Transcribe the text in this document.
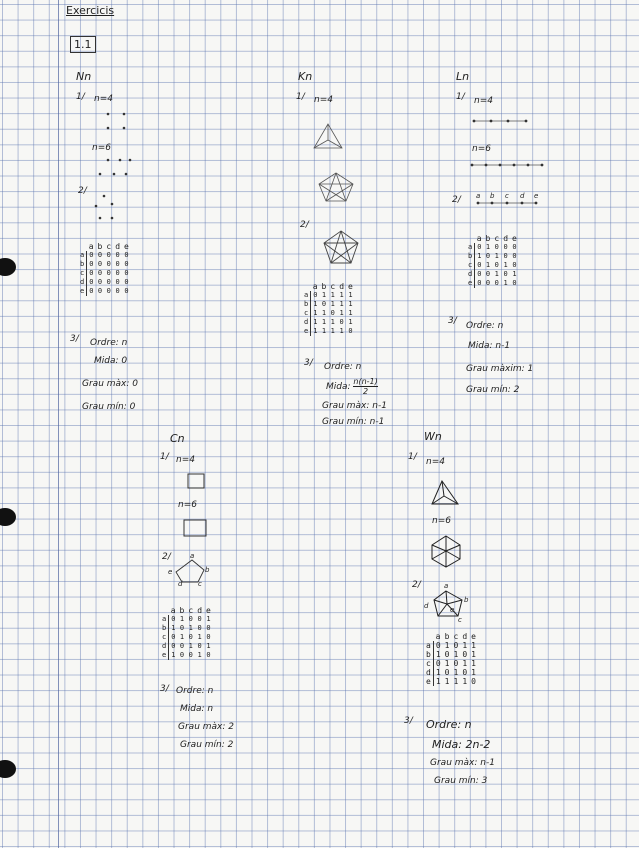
Exercicis
1.1
Nn
1/ n=4
n=6
2/
	a	b	c	d	e
a	0	0	0	0	0
b	0	0	0	0	0
c	0	0	0	0	0
d	0	0	0	0	0
e	0	0	0	0	0
3/ Ordre: n
Mida: 0
Grau màx: 0
Grau mín: 0
Kn
1/ n=4
2/
	a	b	c	d	e
a	0	1	1	1	1
b	1	0	1	1	1
c	1	1	0	1	1
d	1	1	1	0	1
e	1	1	1	1	0
3/ Ordre: n
Mida: $\frac{n(n-1)}{2}$
Grau màx: n-1
Grau mín: n-1
Ln
1/ n=4
n=6
2/ a b c d e
	a	b	c	d	e
a	0	1	0	0	0
b	1	0	1	0	0
c	0	1	0	1	0
d	0	0	1	0	1
e	0	0	0	1	0
3/ Ordre: n
Mida: n-1
Grau màxim: 1
Grau mín: 2
Cn
1/ n=4
n=6
2/	a
b
c
d
e
	a	b	c	d	e
a	0	1	0	0	1
b	1	0	1	0	0
c	0	1	0	1	0
d	0	0	1	0	1
e	1	0	0	1	0
3/ Ordre: n
Mida: n
Grau màx: 2
Grau mín: 2
Wn
1/ n=4
n=6
2/	a
b
c
d	e
	a	b	c	d	e
a	0	1	0	1	1
b	1	0	1	0	1
c	0	1	0	1	1
d	1	0	1	0	1
e	1	1	1	1	0
3/ Ordre: n
Mida: 2n-2
Grau màx: n-1
Grau mín: 3
